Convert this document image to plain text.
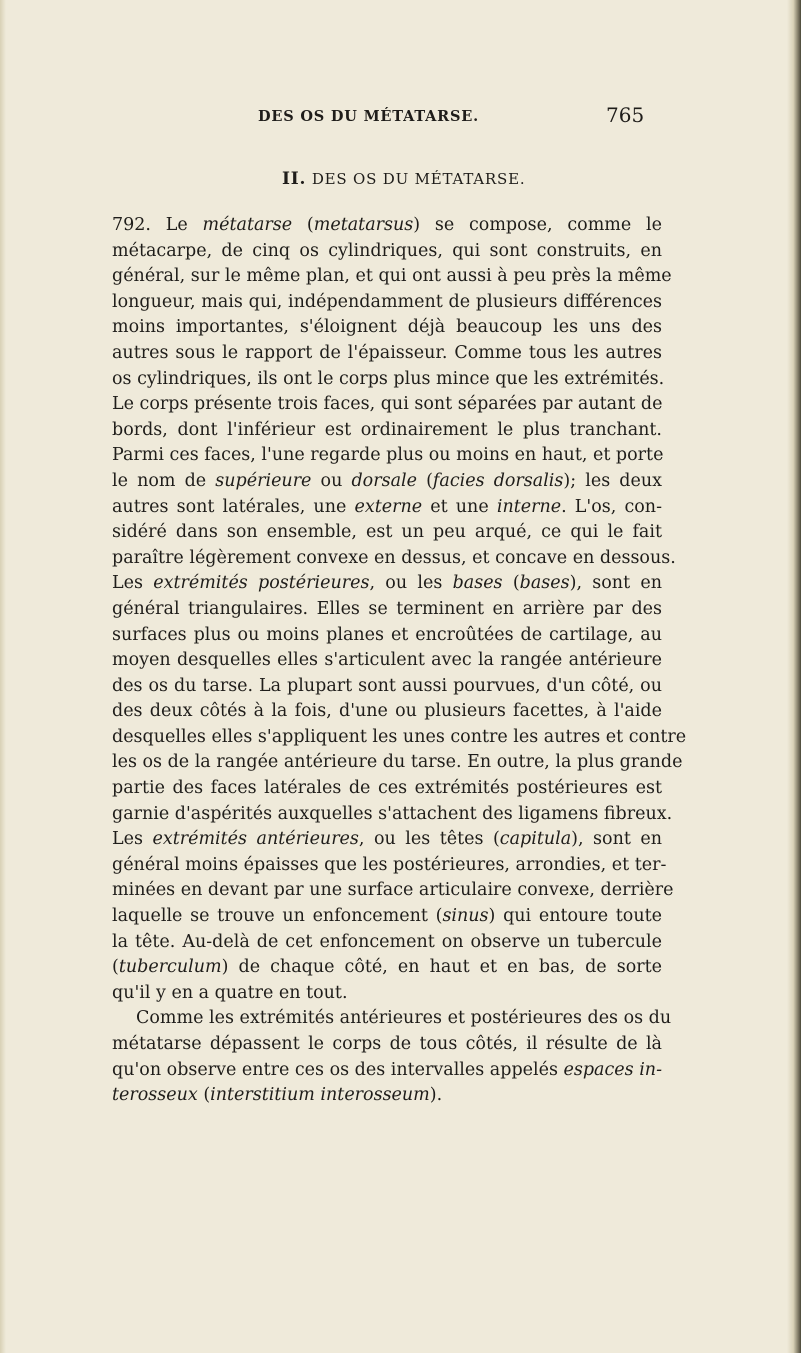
DES OS DU MÉTATARSE.	765
II. DES OS DU MÉTATARSE.
792. Le métatarse (metatarsus) se compose, comme le
métacarpe, de cinq os cylindriques, qui sont construits, en
général, sur le même plan, et qui ont aussi à peu près la même
longueur, mais qui, indépendamment de plusieurs différences
moins importantes, s'éloignent déjà beaucoup les uns des
autres sous le rapport de l'épaisseur. Comme tous les autres
os cylindriques, ils ont le corps plus mince que les extrémités.
Le corps présente trois faces, qui sont séparées par autant de
bords, dont l'inférieur est ordinairement le plus tranchant.
Parmi ces faces, l'une regarde plus ou moins en haut, et porte
le nom de supérieure ou dorsale (facies dorsalis); les deux
autres sont latérales, une externe et une interne. L'os, con-
sidéré dans son ensemble, est un peu arqué, ce qui le fait
paraître légèrement convexe en dessus, et concave en dessous.
Les extrémités postérieures, ou les bases (bases), sont en
général triangulaires. Elles se terminent en arrière par des
surfaces plus ou moins planes et encroûtées de cartilage, au
moyen desquelles elles s'articulent avec la rangée antérieure
des os du tarse. La plupart sont aussi pourvues, d'un côté, ou
des deux côtés à la fois, d'une ou plusieurs facettes, à l'aide
desquelles elles s'appliquent les unes contre les autres et contre
les os de la rangée antérieure du tarse. En outre, la plus grande
partie des faces latérales de ces extrémités postérieures est
garnie d'aspérités auxquelles s'attachent des ligamens fibreux.
Les extrémités antérieures, ou les têtes (capitula), sont en
général moins épaisses que les postérieures, arrondies, et ter-
minées en devant par une surface articulaire convexe, derrière
laquelle se trouve un enfoncement (sinus) qui entoure toute
la tête. Au-delà de cet enfoncement on observe un tubercule
(tuberculum) de chaque côté, en haut et en bas, de sorte
qu'il y en a quatre en tout.
Comme les extrémités antérieures et postérieures des os du
métatarse dépassent le corps de tous côtés, il résulte de là
qu'on observe entre ces os des intervalles appelés espaces in-
terosseux (interstitium interosseum).
